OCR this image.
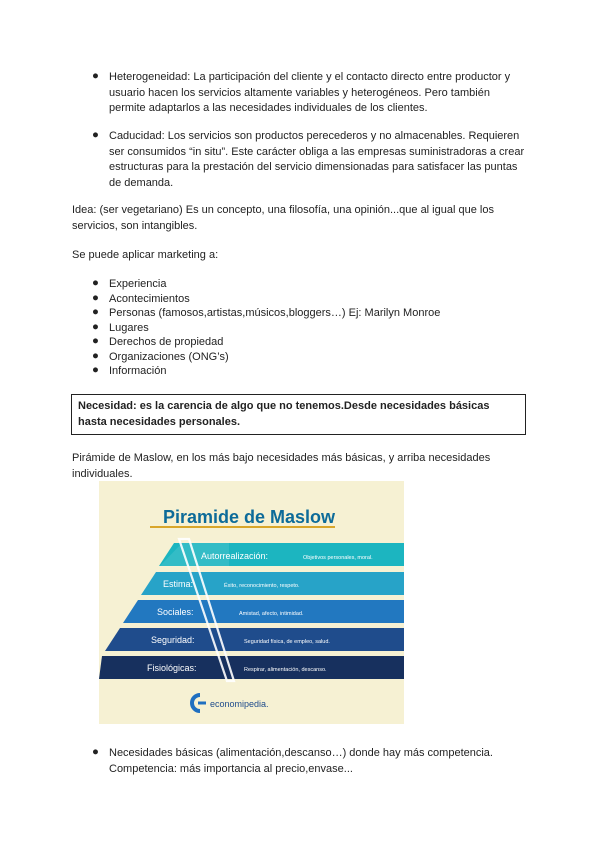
● Heterogeneidad: La participación del cliente y el contacto directo entre productor y
usuario hacen los servicios altamente variables y heterogéneos. Pero también
permite adaptarlos a las necesidades individuales de los clientes.
● Caducidad: Los servicios son productos perecederos y no almacenables. Requieren
ser consumidos “in situ”. Este carácter obliga a las empresas suministradoras a crear
estructuras para la prestación del servicio dimensionadas para satisfacer las puntas
de demanda.
Idea: (ser vegetariano) Es un concepto, una filosofía, una opinión...que al igual que los
servicios, son intangibles.
Se puede aplicar marketing a:
● Experiencia
● Acontecimientos
● Personas (famosos,artistas,músicos,bloggers…) Ej: Marilyn Monroe
● Lugares
● Derechos de propiedad
● Organizaciones (ONG’s)
● Información
Necesidad: es la carencia de algo que no tenemos.Desde necesidades básicas
hasta necesidades personales.
Pirámide de Maslow, en los más bajo necesidades más básicas, y arriba necesidades
individuales.
Piramide de Maslow
Autorrealización:	Objetivos personales, moral.
Estima:	Éxito, reconocimiento, respeto.
Sociales:	Amistad, afecto, intimidad.
Seguridad:	Seguridad física, de empleo, salud.
Fisiológicas:	Respirar, alimentación, descanso.
economipedia.
● Necesidades básicas (alimentación,descanso…) donde hay más competencia.
Competencia: más importancia al precio,envase...
